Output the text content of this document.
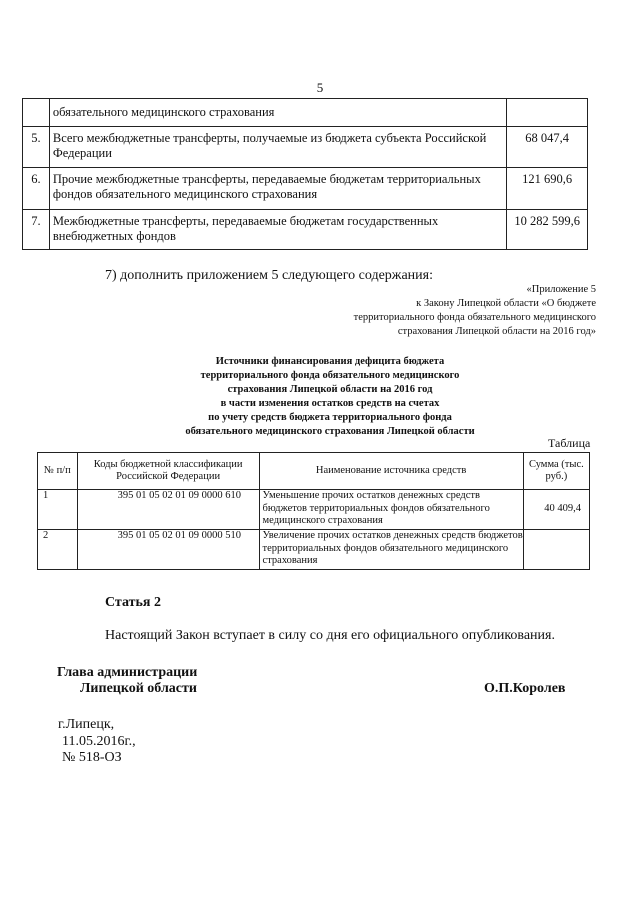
5
	обязательного медицинского страхования	
5.	Всего межбюджетные трансферты, получаемые из бюджета субъекта Российской Федерации	68 047,4
6.	Прочие межбюджетные трансферты, передаваемые бюджетам территориальных фондов обязательного медицинского страхования	121 690,6
7.	Межбюджетные трансферты, передаваемые бюджетам государственных внебюджетных фондов	10 282 599,6
7) дополнить приложением 5 следующего содержания:
«Приложение 5
к Закону Липецкой области «О бюджете
территориального фонда обязательного медицинского
страхования Липецкой области на 2016 год»
Источники финансирования дефицита бюджета
территориального фонда обязательного медицинского
страхования Липецкой области на 2016 год
в части изменения остатков средств на счетах
по учету средств бюджета территориального фонда
обязательного медицинского страхования Липецкой области
Таблица
№ п/п	Коды бюджетной классификации Российской Федерации	Наименование источника средств	Сумма (тыс. руб.)
1	395 01 05 02 01 09 0000 610	Уменьшение прочих остатков денежных средств бюджетов территориальных фондов обязательного медицинского страхования	40 409,4
2	395 01 05 02 01 09 0000 510	Увеличение прочих остатков денежных средств бюджетов территориальных фондов обязательного медицинского страхования	
Статья 2
Настоящий Закон вступает в силу со дня его официального опубликования.
Глава администрации
Липецкой области	О.П.Королев
г.Липецк,
11.05.2016г.,
№ 518-ОЗ
